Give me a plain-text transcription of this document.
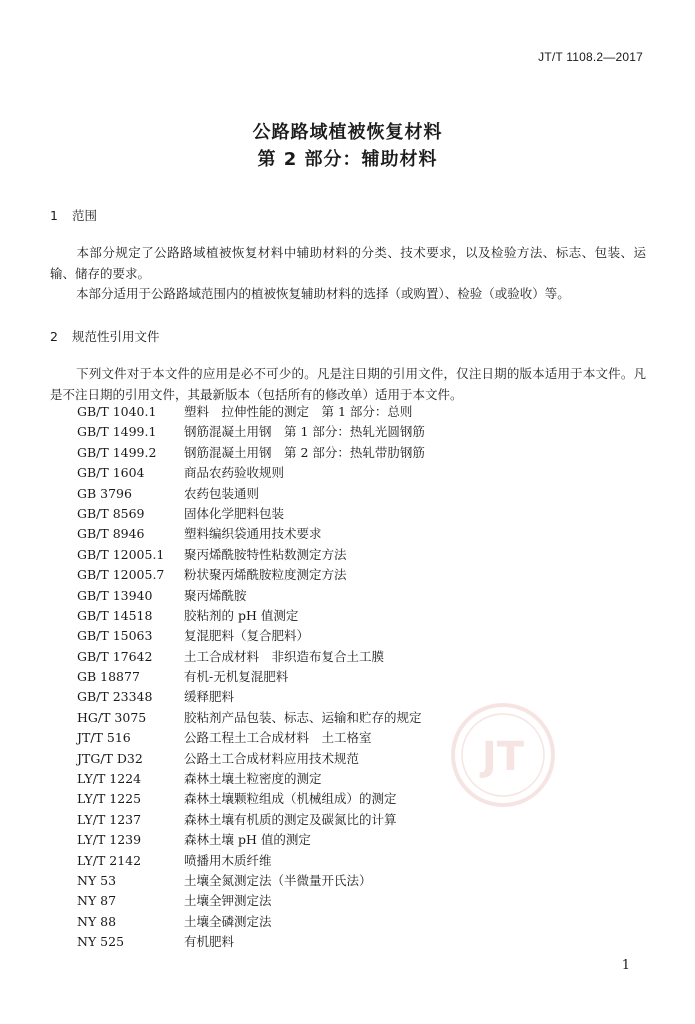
JT/T 1108.2—2017
公路路域植被恢复材料
第 2 部分：辅助材料
1 范围
本部分规定了公路路域植被恢复材料中辅助材料的分类、技术要求，以及检验方法、标志、包装、运输、储存的要求。
本部分适用于公路路域范围内的植被恢复辅助材料的选择（或购置）、检验（或验收）等。
2 规范性引用文件
下列文件对于本文件的应用是必不可少的。凡是注日期的引用文件，仅注日期的版本适用于本文件。凡是不注日期的引用文件，其最新版本（包括所有的修改单）适用于本文件。
GB/T 1040.1 塑料　拉伸性能的测定　第 1 部分：总则
GB/T 1499.1 钢筋混凝土用钢　第 1 部分：热轧光圆钢筋
GB/T 1499.2 钢筋混凝土用钢　第 2 部分：热轧带肋钢筋
GB/T 1604	商品农药验收规则
GB 3796	农药包装通则
GB/T 8569	固体化学肥料包装
GB/T 8946	塑料编织袋通用技术要求
GB/T 12005.1 聚丙烯酰胺特性粘数测定方法
GB/T 12005.7 粉状聚丙烯酰胺粒度测定方法
GB/T 13940	聚丙烯酰胺
GB/T 14518	胶粘剂的 pH 值测定
GB/T 15063	复混肥料（复合肥料）
GB/T 17642	土工合成材料　非织造布复合土工膜
GB 18877	有机-无机复混肥料
GB/T 23348	缓释肥料
HG/T 3075	胶粘剂产品包装、标志、运输和贮存的规定
JT/T 516	公路工程土工合成材料　土工格室
JTG/T D32	公路土工合成材料应用技术规范
LY/T 1224	森林土壤土粒密度的测定
LY/T 1225	森林土壤颗粒组成（机械组成）的测定
LY/T 1237	森林土壤有机质的测定及碳氮比的计算
LY/T 1239	森林土壤 pH 值的测定
LY/T 2142	喷播用木质纤维
NY 53	土壤全氮测定法（半微量开氏法）
NY 87	土壤全钾测定法
NY 88	土壤全磷测定法
NY 525	有机肥料
JT
1
